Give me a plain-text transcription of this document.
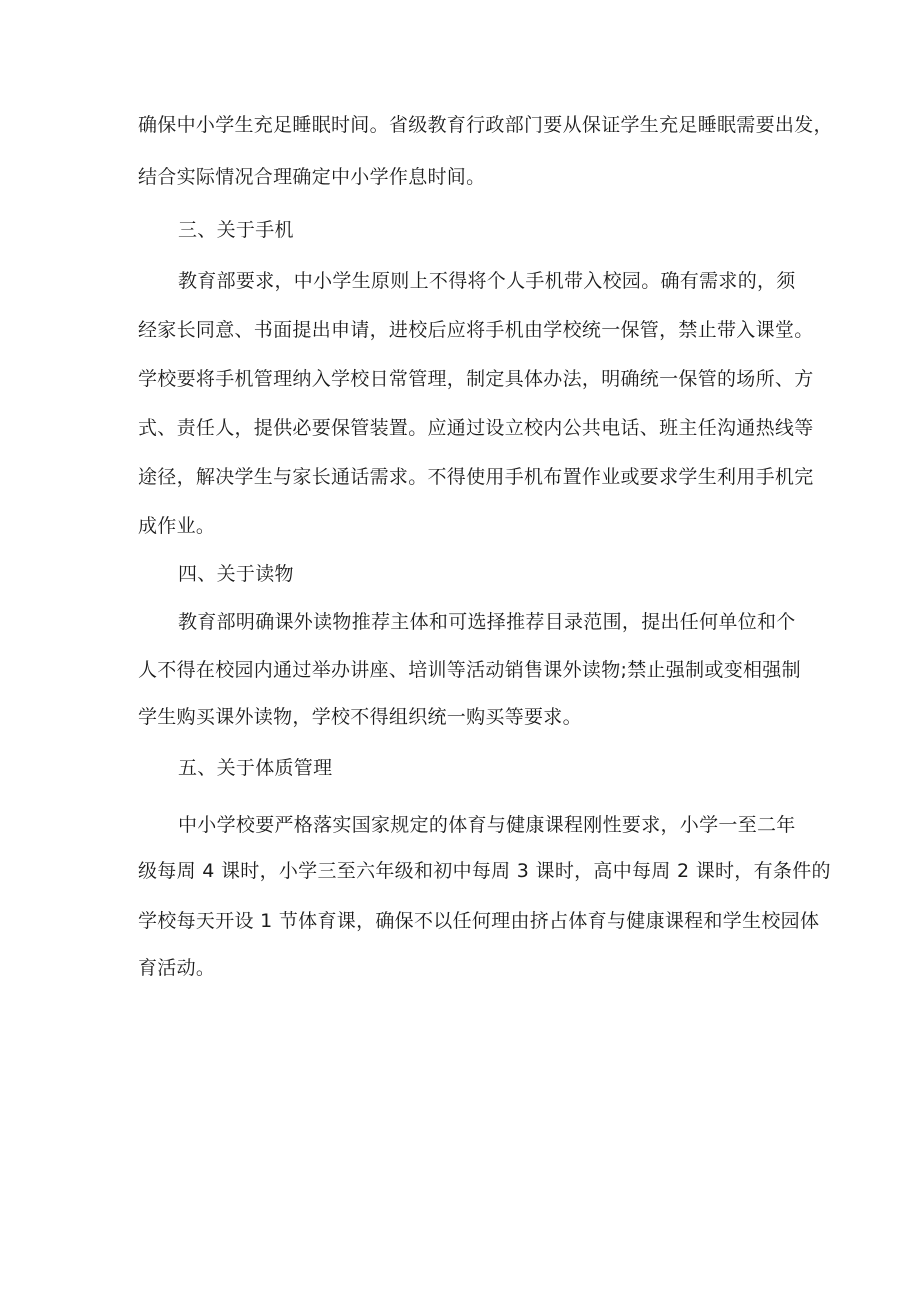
确保中小学生充足睡眠时间。省级教育行政部门要从保证学生充足睡眠需要出发，
结合实际情况合理确定中小学作息时间。
三、关于手机
教育部要求，中小学生原则上不得将个人手机带入校园。确有需求的，须
经家长同意、书面提出申请，进校后应将手机由学校统一保管，禁止带入课堂。
学校要将手机管理纳入学校日常管理，制定具体办法，明确统一保管的场所、方
式、责任人，提供必要保管装置。应通过设立校内公共电话、班主任沟通热线等
途径，解决学生与家长通话需求。不得使用手机布置作业或要求学生利用手机完
成作业。
四、关于读物
教育部明确课外读物推荐主体和可选择推荐目录范围，提出任何单位和个
人不得在校园内通过举办讲座、培训等活动销售课外读物;禁止强制或变相强制
学生购买课外读物，学校不得组织统一购买等要求。
五、关于体质管理
中小学校要严格落实国家规定的体育与健康课程刚性要求，小学一至二年
级每周 4 课时，小学三至六年级和初中每周 3 课时，高中每周 2 课时，有条件的
学校每天开设 1 节体育课，确保不以任何理由挤占体育与健康课程和学生校园体
育活动。
